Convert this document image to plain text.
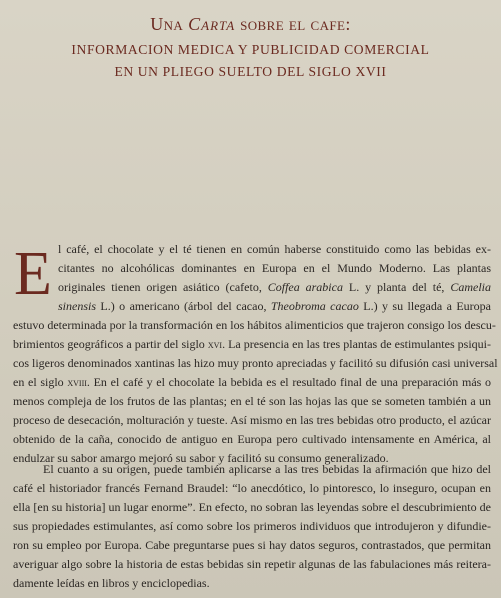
Una Carta sobre el cafe:
INFORMACION MEDICA Y PUBLICIDAD COMERCIAL
EN UN PLIEGO SUELTO DEL SIGLO XVII
E l café, el chocolate y el té tienen en común haberse constituido como las bebidas ex-
citantes no alcohólicas dominantes en Europa en el Mundo Moderno. Las plantas
originales tienen origen asiático (cafeto, Coffea arabica L. y planta del té, Camelia
sinensis L.) o americano (árbol del cacao, Theobroma cacao L.) y su llegada a Europa
estuvo determinada por la transformación en los hábitos alimenticios que trajeron consigo los descu-
brimientos geográficos a partir del siglo xvi. La presencia en las tres plantas de estimulantes psiqui-
cos ligeros denominados xantinas las hizo muy pronto apreciadas y facilitó su difusión casi universal
en el siglo xviii. En el café y el chocolate la bebida es el resultado final de una preparación más o
menos compleja de los frutos de las plantas; en el té son las hojas las que se someten también a un
proceso de desecación, molturación y tueste. Así mismo en las tres bebidas otro producto, el azúcar
obtenido de la caña, conocido de antiguo en Europa pero cultivado intensamente en América, al
endulzar su sabor amargo mejoró su sabor y facilitó su consumo generalizado.
El cuanto a su origen, puede también aplicarse a las tres bebidas la afirmación que hizo del
café el historiador francés Fernand Braudel: “lo anecdótico, lo pintoresco, lo inseguro, ocupan en
ella [en su historia] un lugar enorme”. En efecto, no sobran las leyendas sobre el descubrimiento de
sus propiedades estimulantes, así como sobre los primeros individuos que introdujeron y difundie-
ron su empleo por Europa. Cabe preguntarse pues si hay datos seguros, contrastados, que permitan
averiguar algo sobre la historia de estas bebidas sin repetir algunas de las fabulaciones más reitera-
damente leídas en libros y enciclopedias.
